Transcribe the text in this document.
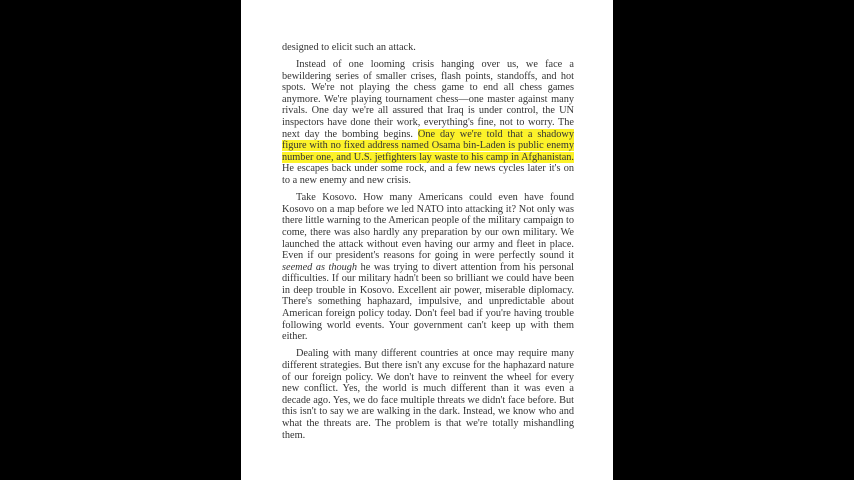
designed to elicit such an attack.

Instead of one looming crisis hanging over us, we face a bewildering series of smaller crises, flash points, standoffs, and hot spots. We're not playing the chess game to end all chess games anymore. We're playing tournament chess—one master against many rivals. One day we're all assured that Iraq is under control, the UN inspectors have done their work, everything's fine, not to worry. The next day the bombing begins. One day we're told that a shadowy figure with no fixed address named Osama bin-Laden is public enemy number one, and U.S. jetfighters lay waste to his camp in Afghanistan. He escapes back under some rock, and a few news cycles later it's on to a new enemy and new crisis.

Take Kosovo. How many Americans could even have found Kosovo on a map before we led NATO into attacking it? Not only was there little warning to the American people of the military campaign to come, there was also hardly any preparation by our own military. We launched the attack without even having our army and fleet in place. Even if our president's reasons for going in were perfectly sound it seemed as though he was trying to divert attention from his personal difficulties. If our military hadn't been so brilliant we could have been in deep trouble in Kosovo. Excellent air power, miserable diplomacy. There's something haphazard, impulsive, and unpredictable about American foreign policy today. Don't feel bad if you're having trouble following world events. Your government can't keep up with them either.

Dealing with many different countries at once may require many different strategies. But there isn't any excuse for the haphazard nature of our foreign policy. We don't have to reinvent the wheel for every new conflict. Yes, the world is much different than it was even a decade ago. Yes, we do face multiple threats we didn't face before. But this isn't to say we are walking in the dark. Instead, we know who and what the threats are. The problem is that we're totally mishandling them.
